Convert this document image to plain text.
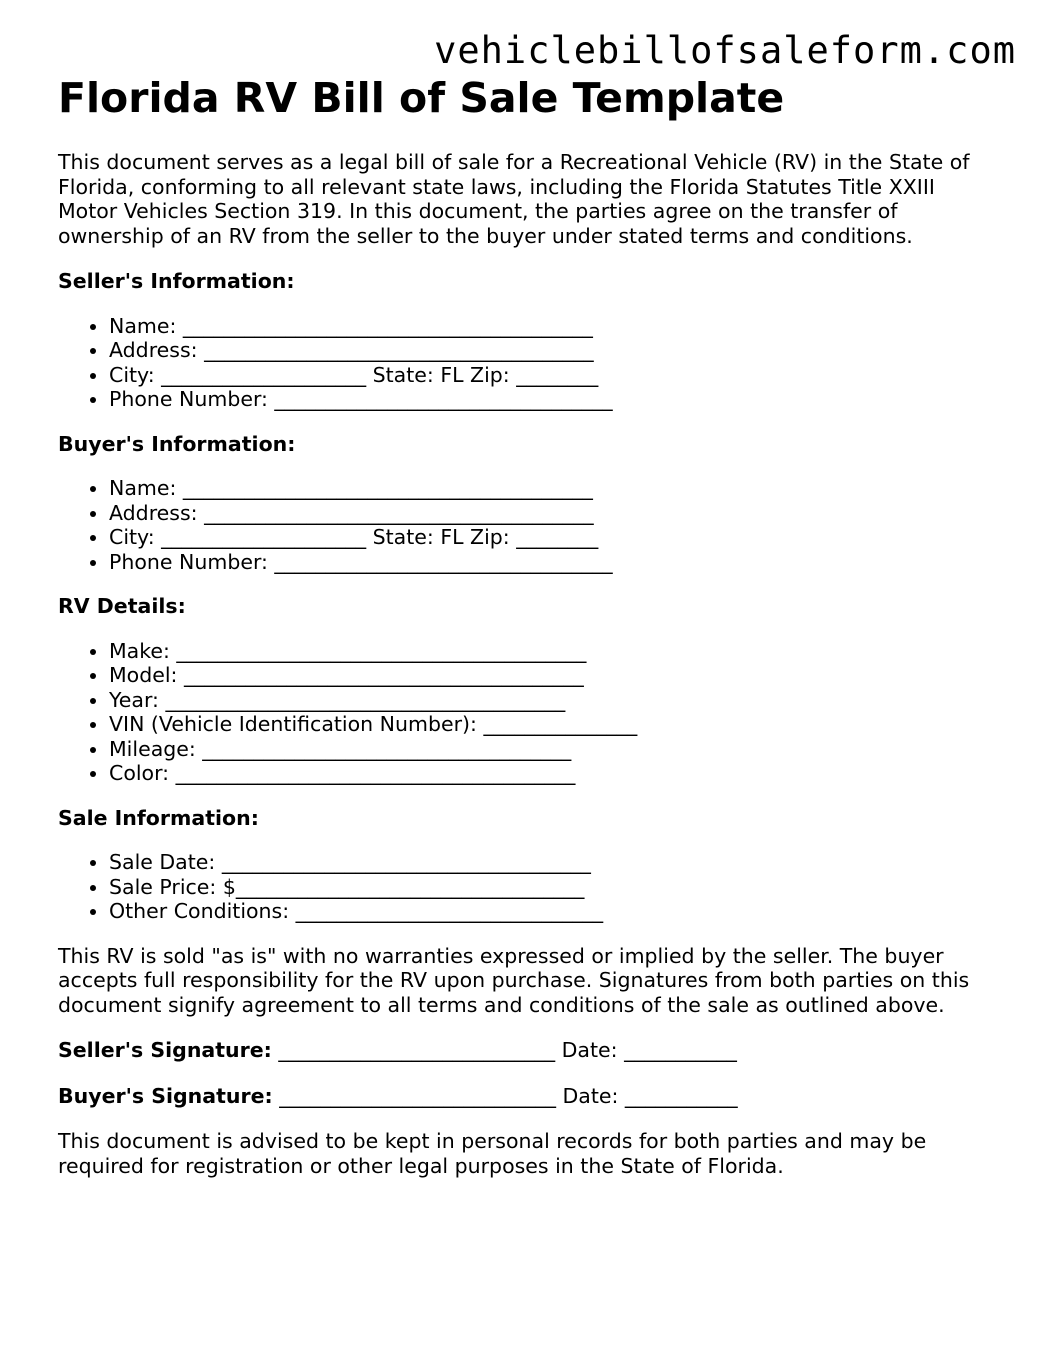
vehiclebillofsaleform.com
Florida RV Bill of Sale Template

This document serves as a legal bill of sale for a Recreational Vehicle (RV) in the State of Florida, conforming to all relevant state laws, including the Florida Statutes Title XXIII Motor Vehicles Section 319. In this document, the parties agree on the transfer of ownership of an RV from the seller to the buyer under stated terms and conditions.

Seller's Information:

• Name: ________________________________________
• Address: ______________________________________
• City: ____________________ State: FL Zip: ________
• Phone Number: _________________________________

Buyer's Information:

• Name: ________________________________________
• Address: ______________________________________
• City: ____________________ State: FL Zip: ________
• Phone Number: _________________________________

RV Details:

• Make: ________________________________________
• Model: _______________________________________
• Year: _______________________________________
• VIN (Vehicle Identification Number): _______________
• Mileage: ____________________________________
• Color: _______________________________________

Sale Information:

• Sale Date: ____________________________________
• Sale Price: $__________________________________
• Other Conditions: ______________________________

This RV is sold "as is" with no warranties expressed or implied by the seller. The buyer accepts full responsibility for the RV upon purchase. Signatures from both parties on this document signify agreement to all terms and conditions of the sale as outlined above.

Seller's Signature: ___________________________ Date: ___________

Buyer's Signature: ___________________________ Date: ___________

This document is advised to be kept in personal records for both parties and may be required for registration or other legal purposes in the State of Florida.
